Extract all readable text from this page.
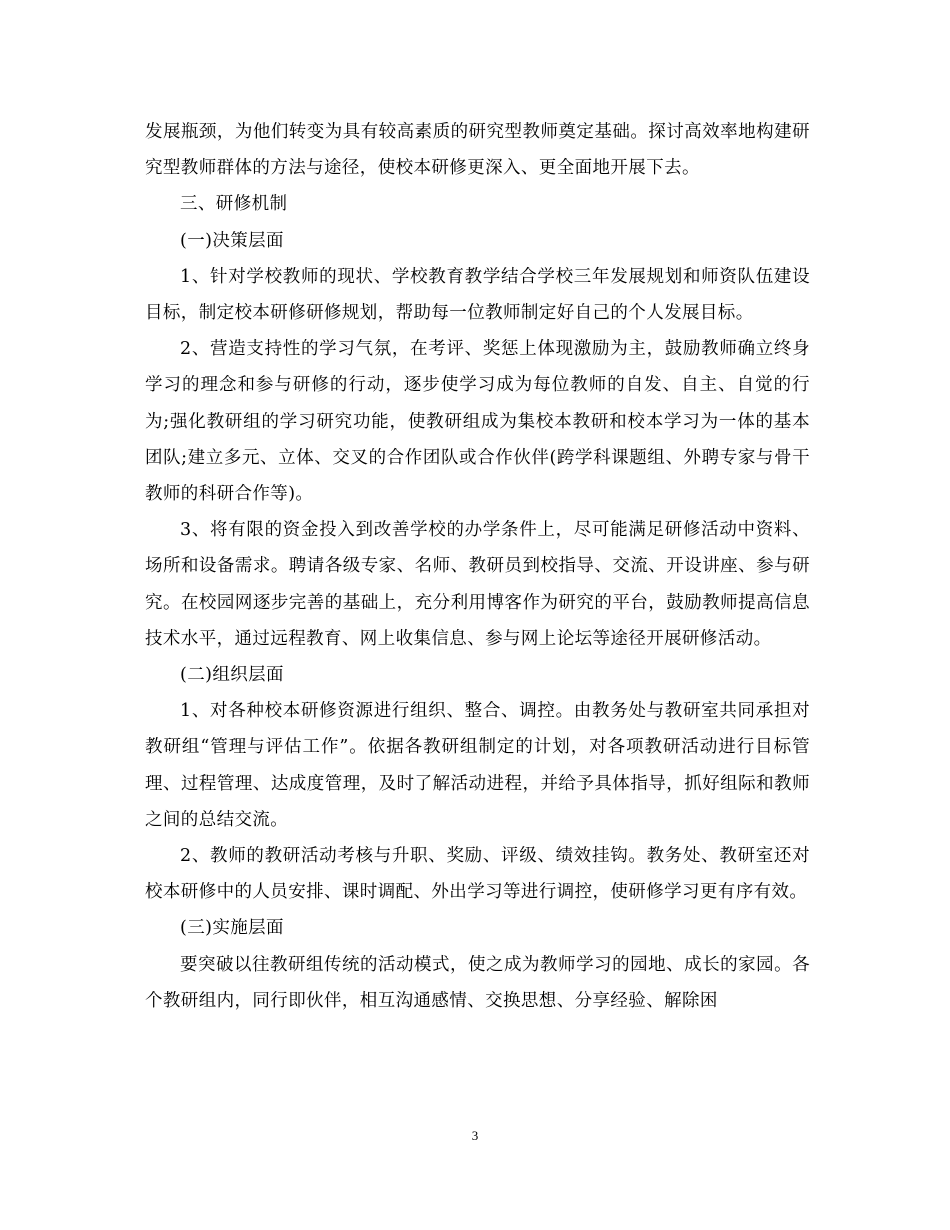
发展瓶颈，为他们转变为具有较高素质的研究型教师奠定基础。探讨高效率地构建研究型教师群体的方法与途径，使校本研修更深入、更全面地开展下去。

三、研修机制

(一)决策层面

1、针对学校教师的现状、学校教育教学结合学校三年发展规划和师资队伍建设目标，制定校本研修研修规划，帮助每一位教师制定好自己的个人发展目标。

2、营造支持性的学习气氛，在考评、奖惩上体现激励为主，鼓励教师确立终身学习的理念和参与研修的行动，逐步使学习成为每位教师的自发、自主、自觉的行为;强化教研组的学习研究功能，使教研组成为集校本教研和校本学习为一体的基本团队;建立多元、立体、交叉的合作团队或合作伙伴(跨学科课题组、外聘专家与骨干教师的科研合作等)。

3、将有限的资金投入到改善学校的办学条件上，尽可能满足研修活动中资料、场所和设备需求。聘请各级专家、名师、教研员到校指导、交流、开设讲座、参与研究。在校园网逐步完善的基础上，充分利用博客作为研究的平台，鼓励教师提高信息技术水平，通过远程教育、网上收集信息、参与网上论坛等途径开展研修活动。

(二)组织层面

1、对各种校本研修资源进行组织、整合、调控。由教务处与教研室共同承担对教研组“管理与评估工作”。依据各教研组制定的计划，对各项教研活动进行目标管理、过程管理、达成度管理，及时了解活动进程，并给予具体指导，抓好组际和教师之间的总结交流。

2、教师的教研活动考核与升职、奖励、评级、绩效挂钩。教务处、教研室还对校本研修中的人员安排、课时调配、外出学习等进行调控，使研修学习更有序有效。

(三)实施层面

要突破以往教研组传统的活动模式，使之成为教师学习的园地、成长的家园。各个教研组内，同行即伙伴，相互沟通感情、交换思想、分享经验、解除困

3
